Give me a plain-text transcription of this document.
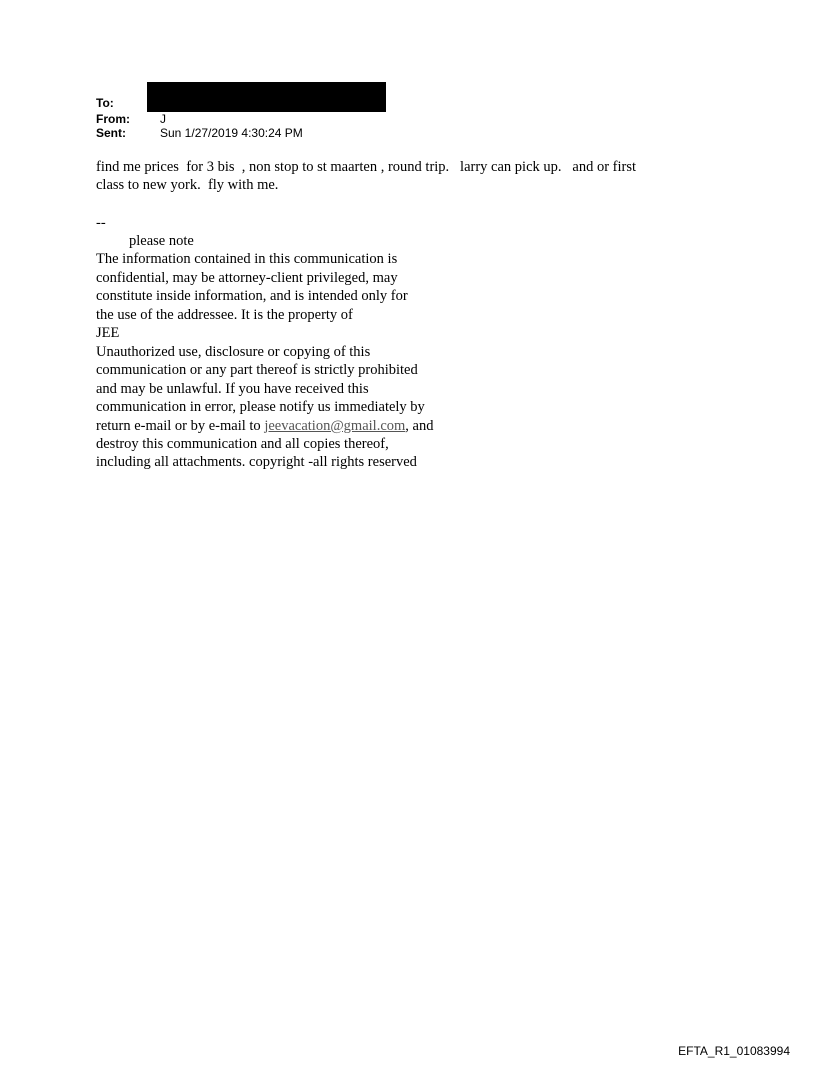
To:
From:	J
Sent:	Sun 1/27/2019 4:30:24 PM

find me prices  for 3 bis  , non stop to st maarten , round trip.   larry can pick up.   and or first

class to new york.  fly with me.

--
please note
The information contained in this communication is
confidential, may be attorney-client privileged, may
constitute inside information, and is intended only for
the use of the addressee. It is the property of
JEE
Unauthorized use, disclosure or copying of this
communication or any part thereof is strictly prohibited
and may be unlawful. If you have received this
communication in error, please notify us immediately by
return e-mail or by e-mail to jeevacation@gmail.com, and
destroy this communication and all copies thereof,
including all attachments. copyright -all rights reserved
EFTA_R1_01083994
